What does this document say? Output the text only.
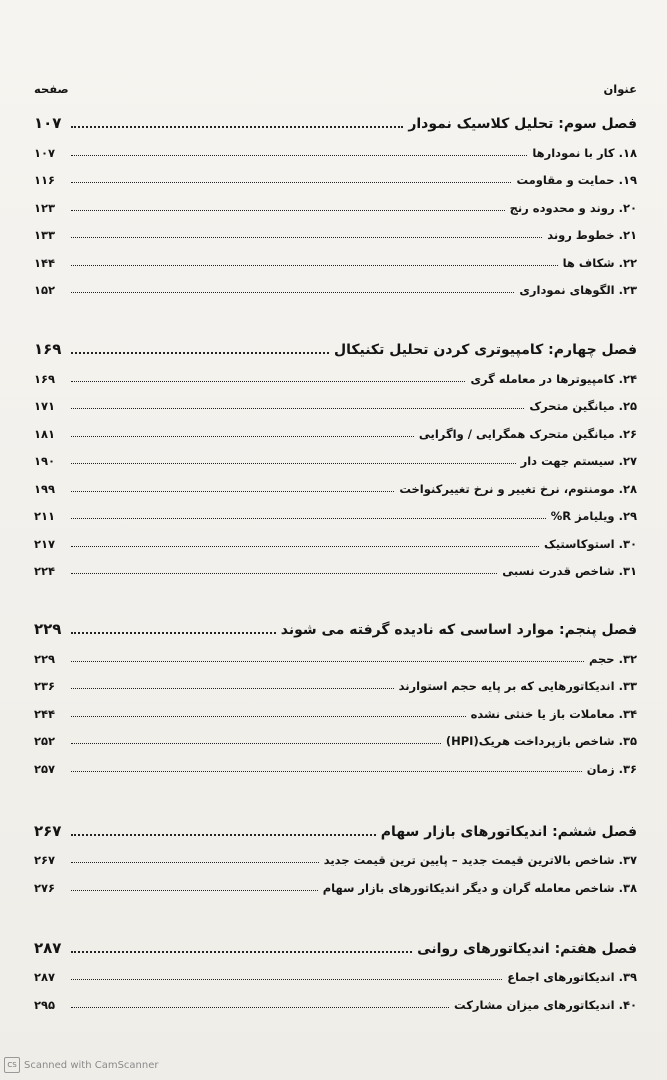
عنوان
صفحه
فصل سوم: تحلیل کلاسیک نمودار
۱۰۷
۱۸. کار با نمودارها
۱۰۷
۱۹. حمایت و مقاومت
۱۱۶
۲۰. روند و محدوده رنج
۱۲۳
۲۱. خطوط روند
۱۳۳
۲۲. شکاف ها
۱۴۴
۲۳. الگوهای نموداری
۱۵۲
فصل چهارم: کامپیوتری کردن تحلیل تکنیکال
۱۶۹
۲۴. کامپیوترها در معامله گری
۱۶۹
۲۵. میانگین متحرک
۱۷۱
۲۶. میانگین متحرک همگرایی / واگرایی
۱۸۱
۲۷. سیستم جهت دار
۱۹۰
۲۸. مومنتوم، نرخ تغییر و نرخ تغییرکنواخت
۱۹۹
۲۹. ویلیامز R%
۲۱۱
۳۰. استوکاستیک
۲۱۷
۳۱. شاخص قدرت نسبی
۲۲۴
فصل پنجم: موارد اساسی که نادیده گرفته می شوند
۲۲۹
۳۲. حجم
۲۲۹
۳۳. اندیکاتورهایی که بر پایه حجم استوارند
۲۳۶
۳۴. معاملات باز یا خنثی نشده
۲۴۴
۳۵. شاخص بازپرداخت هریک(HPI)
۲۵۲
۳۶. زمان
۲۵۷
فصل ششم: اندیکاتورهای بازار سهام
۲۶۷
۳۷. شاخص بالاترین قیمت جدید – پایین ترین قیمت جدید
۲۶۷
۳۸. شاخص معامله گران و دیگر اندیکاتورهای بازار سهام
۲۷۶
فصل هفتم: اندیکاتورهای روانی
۲۸۷
۳۹. اندیکاتورهای اجماع
۲۸۷
۴۰. اندیکاتورهای میزان مشارکت
۲۹۵
CS Scanned with CamScanner
